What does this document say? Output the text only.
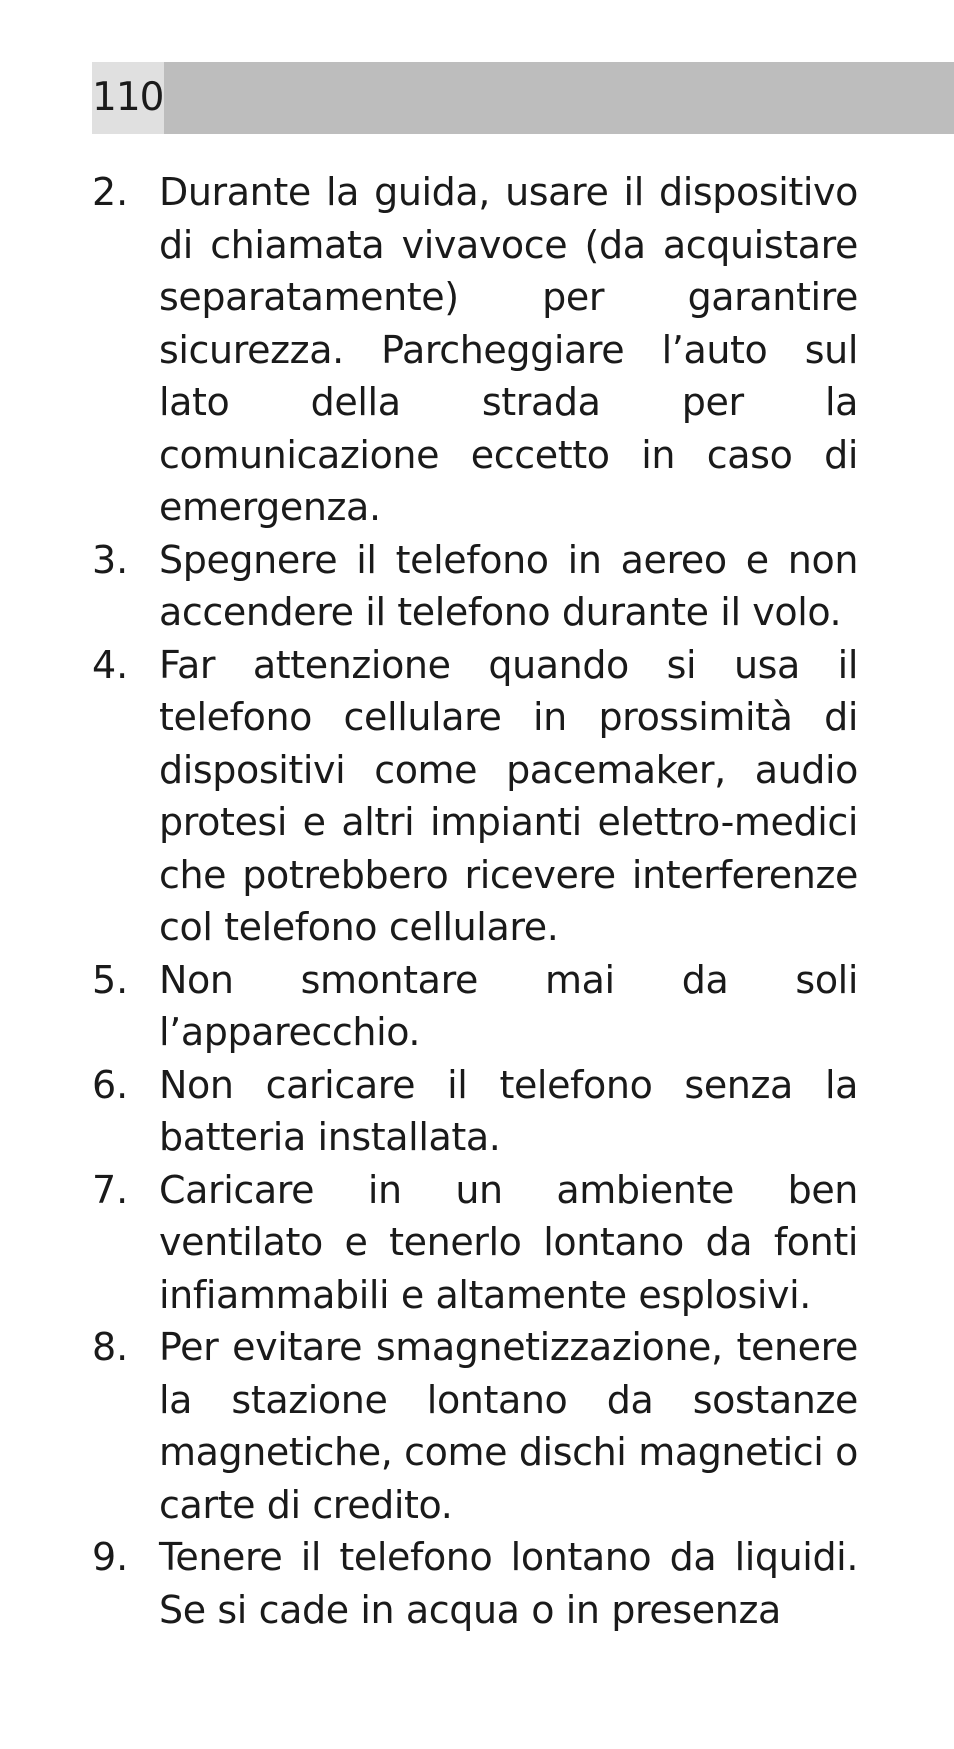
110
2. Durante la guida, usare il dispositivo di chiamata vivavoce (da acquistare separatamente) per garantire sicurezza. Parcheggiare l’auto sul lato della strada per la comunicazione eccetto in caso di emergenza.
3. Spegnere il telefono in aereo e non accendere il telefono durante il volo.
4. Far attenzione quando si usa il telefono cellulare in prossimità di dispositivi come pacemaker, audio protesi e altri impianti elettro-medici che potrebbero ricevere interferenze col telefono cellulare.
5. Non smontare mai da soli l’apparecchio.
6. Non caricare il telefono senza la batteria installata.
7. Caricare in un ambiente ben ventilato e tenerlo lontano da fonti infiammabili e altamente esplosivi.
8. Per evitare smagnetizzazione, tenere la stazione lontano da sostanze magnetiche, come dischi magnetici o carte di credito.
9. Tenere il telefono lontano da liquidi. Se si cade in acqua o in presenza
